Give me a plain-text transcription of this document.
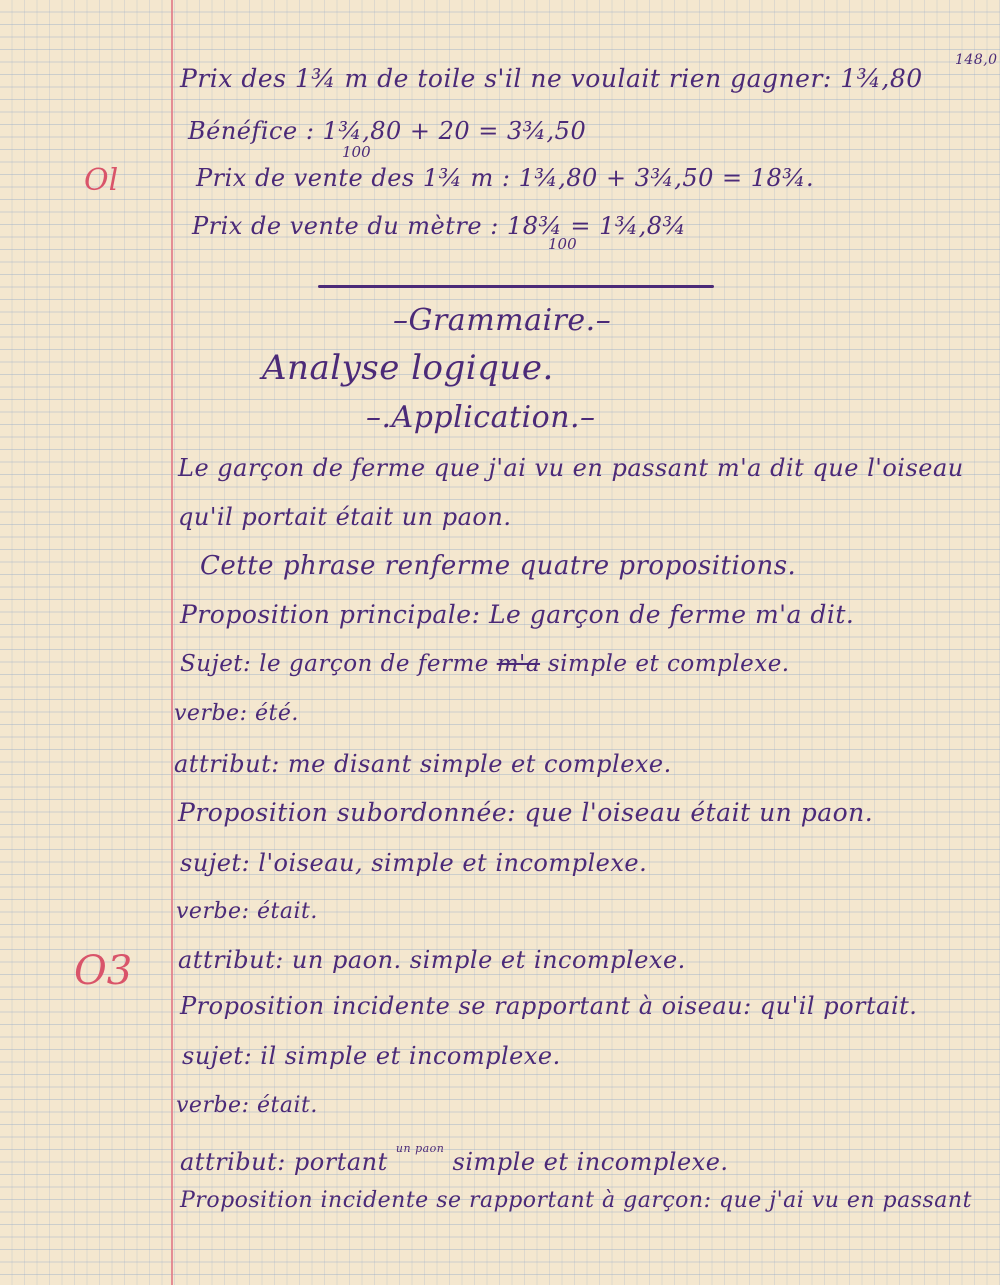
Prix des 1¾ m de toile s'il ne voulait rien gagner: 1¾,80
148,0
Bénéfice : 1¾,80 + 20 = 3¾,50
100
Ol	Prix de vente des 1¾ m : 1¾,80 + 3¾,50 = 18¾.
Prix de vente du mètre : 18¾ = 1¾,8¾
100
–Grammaire.–
Analyse logique.
–.Application.–
Le garçon de ferme que j'ai vu en passant m'a dit que l'oiseau
qu'il portait était un paon.
Cette phrase renferme quatre propositions.
Proposition principale: Le garçon de ferme m'a dit.
Sujet: le garçon de ferme m'a simple et complexe.
verbe: été.
attribut: me disant simple et complexe.
Proposition subordonnée: que l'oiseau était un paon.
sujet: l'oiseau, simple et incomplexe.
verbe: était.
O3 attribut: un paon. simple et incomplexe.
Proposition incidente se rapportant à oiseau: qu'il portait.
sujet: il simple et incomplexe.
verbe: était.
attribut: portant $^{un paon}$ simple et incomplexe.
Proposition incidente se rapportant à garçon: que j'ai vu en passant
